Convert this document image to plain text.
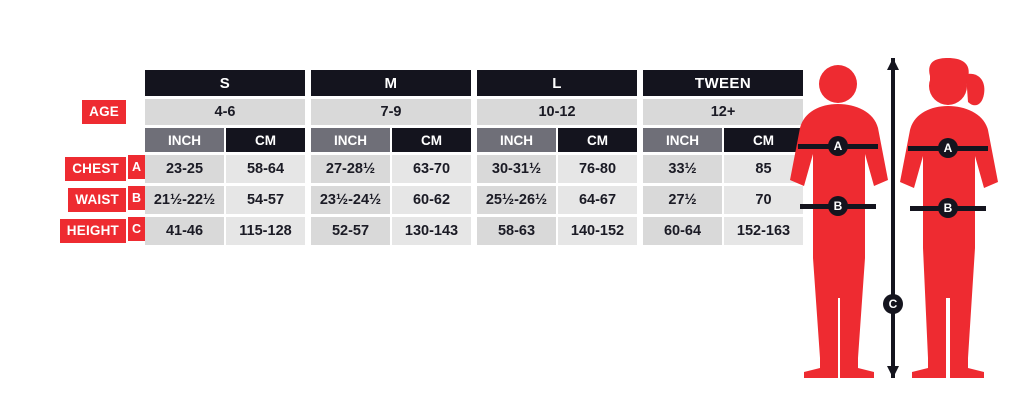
S	M	L	TWEEN
AGE	4-6	7-9	10-12	12+
INCH	CM	INCH	CM	INCH	CM	INCH	CM
CHEST	A	23-25	58-64	27-28½	63-70	30-31½	76-80	33½	85
WAIST	B 21½-22½	54-57	23½-24½	60-62	25½-26½	64-67	27½	70
HEIGHT	C	41-46	115-128	52-57	130-143	58-63	140-152	60-64	152-163
A
B
A
B
C
